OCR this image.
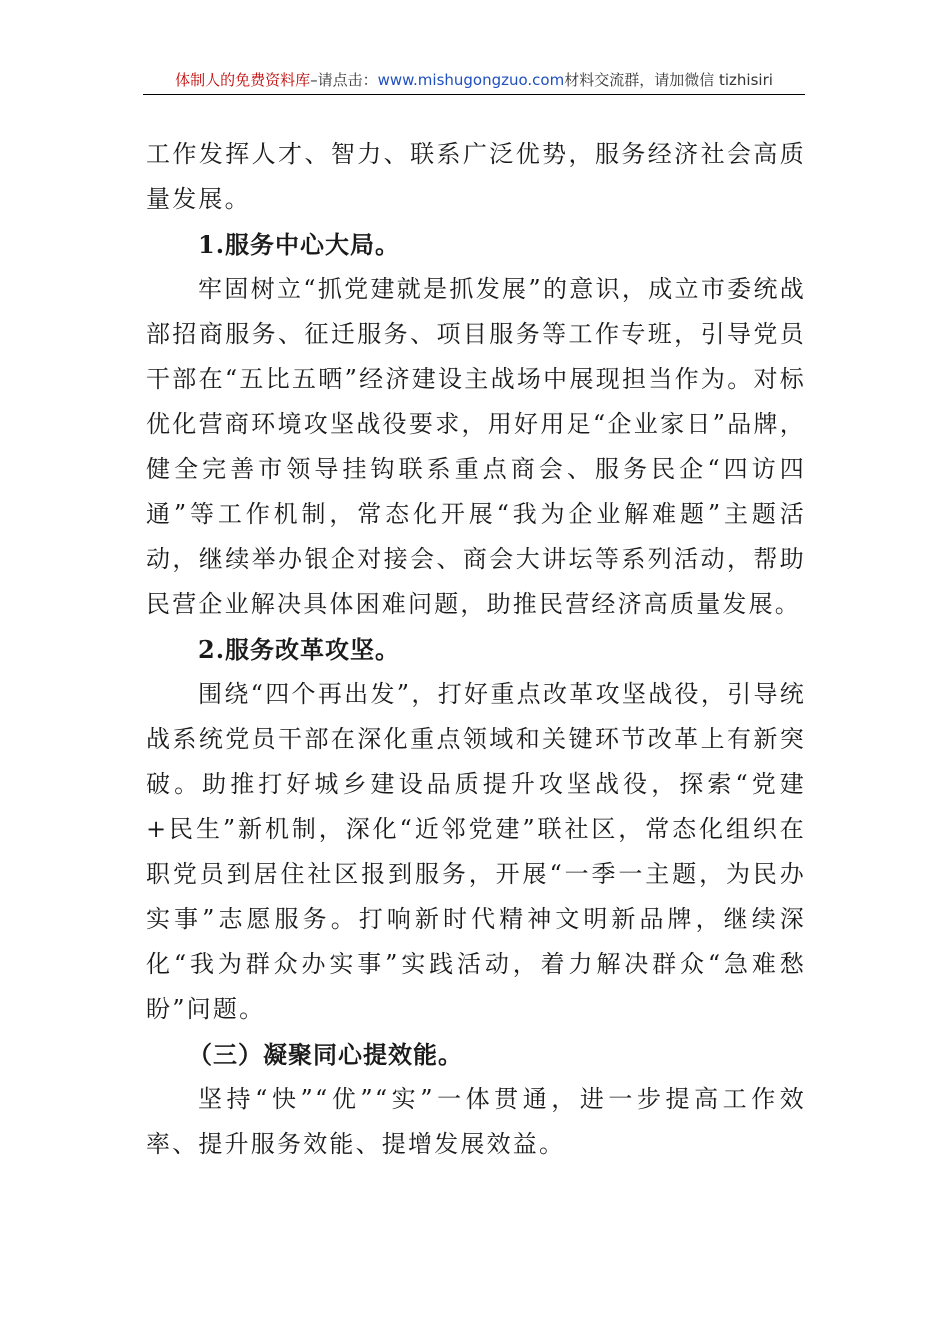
体制人的免费资料库–请点击：www.mishugongzuo.com材料交流群，请加微信 tizhisiri

工作发挥人才、智力、联系广泛优势，服务经济社会高质量发展。

1.服务中心大局。

牢固树立“抓党建就是抓发展”的意识，成立市委统战部招商服务、征迁服务、项目服务等工作专班，引导党员干部在“五比五晒”经济建设主战场中展现担当作为。对标优化营商环境攻坚战役要求，用好用足“企业家日”品牌，健全完善市领导挂钩联系重点商会、服务民企“四访四通”等工作机制，常态化开展“我为企业解难题”主题活动，继续举办银企对接会、商会大讲坛等系列活动，帮助民营企业解决具体困难问题，助推民营经济高质量发展。

2.服务改革攻坚。

围绕“四个再出发”，打好重点改革攻坚战役，引导统战系统党员干部在深化重点领域和关键环节改革上有新突破。助推打好城乡建设品质提升攻坚战役，探索“党建+民生”新机制，深化“近邻党建”联社区，常态化组织在职党员到居住社区报到服务，开展“一季一主题，为民办实事”志愿服务。打响新时代精神文明新品牌，继续深化“我为群众办实事”实践活动，着力解决群众“急难愁盼”问题。

（三）凝聚同心提效能。

坚持“快”“优”“实”一体贯通，进一步提高工作效率、提升服务效能、提增发展效益。
